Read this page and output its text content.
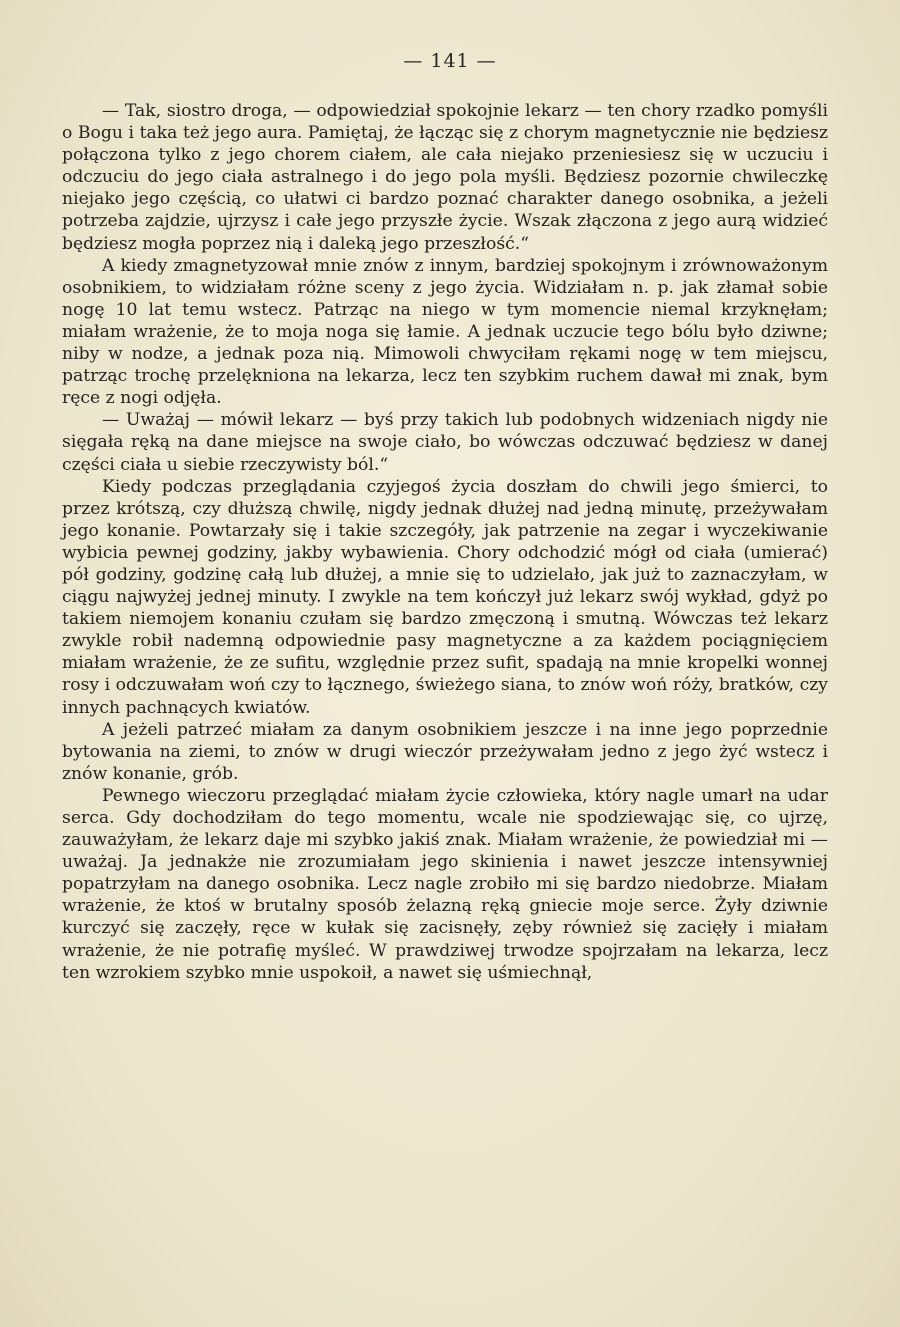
— 141 —

— Tak, siostro droga, — odpowiedział spokojnie lekarz — ten chory rzadko pomyśli o Bogu i taka też jego aura. Pamiętaj, że łącząc się z chorym magnetycznie nie będziesz połączona tylko z jego chorem ciałem, ale cała niejako przeniesiesz się w uczuciu i odczuciu do jego ciała astralnego i do jego pola myśli. Będziesz pozornie chwileczkę niejako jego częścią, co ułatwi ci bardzo poznać charakter danego osobnika, a jeżeli potrzeba zajdzie, ujrzysz i całe jego przyszłe życie. Wszak złączona z jego aurą widzieć będziesz mogła poprzez nią i daleką jego przeszłość.“

A kiedy zmagnetyzował mnie znów z innym, bardziej spokojnym i zrównoważonym osobnikiem, to widziałam różne sceny z jego życia. Widziałam n. p. jak złamał sobie nogę 10 lat temu wstecz. Patrząc na niego w tym momencie niemal krzyknęłam; miałam wrażenie, że to moja noga się łamie. A jednak uczucie tego bólu było dziwne; niby w nodze, a jednak poza nią. Mimowoli chwyciłam rękami nogę w tem miejscu, patrząc trochę przelękniona na lekarza, lecz ten szybkim ruchem dawał mi znak, bym ręce z nogi odjęła.

— Uważaj — mówił lekarz — byś przy takich lub podobnych widzeniach nigdy nie sięgała ręką na dane miejsce na swoje ciało, bo wówczas odczuwać będziesz w danej części ciała u siebie rzeczywisty ból.“

Kiedy podczas przeglądania czyjegoś życia doszłam do chwili jego śmierci, to przez krótszą, czy dłuższą chwilę, nigdy jednak dłużej nad jedną minutę, przeżywałam jego konanie. Powtarzały się i takie szczegóły, jak patrzenie na zegar i wyczekiwanie wybicia pewnej godziny, jakby wybawienia. Chory odchodzić mógł od ciała (umierać) pół godziny, godzinę całą lub dłużej, a mnie się to udzielało, jak już to zaznaczyłam, w ciągu najwyżej jednej minuty. I zwykle na tem kończył już lekarz swój wykład, gdyż po takiem niemojem konaniu czułam się bardzo zmęczoną i smutną. Wówczas też lekarz zwykle robił nademną odpowiednie pasy magnetyczne a za każdem pociągnięciem miałam wrażenie, że ze sufitu, względnie przez sufit, spadają na mnie kropelki wonnej rosy i odczuwałam woń czy to łącznego, świeżego siana, to znów woń róży, bratków, czy innych pachnących kwiatów.

A jeżeli patrzeć miałam za danym osobnikiem jeszcze i na inne jego poprzednie bytowania na ziemi, to znów w drugi wieczór przeżywałam jedno z jego żyć wstecz i znów konanie, grób.

Pewnego wieczoru przeglądać miałam życie człowieka, który nagle umarł na udar serca. Gdy dochodziłam do tego momentu, wcale nie spodziewając się, co ujrzę, zauważyłam, że lekarz daje mi szybko jakiś znak. Miałam wrażenie, że powiedział mi — uważaj. Ja jednakże nie zrozumiałam jego skinienia i nawet jeszcze intensywniej popatrzyłam na danego osobnika. Lecz nagle zrobiło mi się bardzo niedobrze. Miałam wrażenie, że ktoś w brutalny sposób żelazną ręką gniecie moje serce. Żyły dziwnie kurczyć się zaczęły, ręce w kułak się zacisnęły, zęby również się zacięły i miałam wrażenie, że nie potrafię myśleć. W prawdziwej trwodze spojrzałam na lekarza, lecz ten wzrokiem szybko mnie uspokoił, a nawet się uśmiechnął,
